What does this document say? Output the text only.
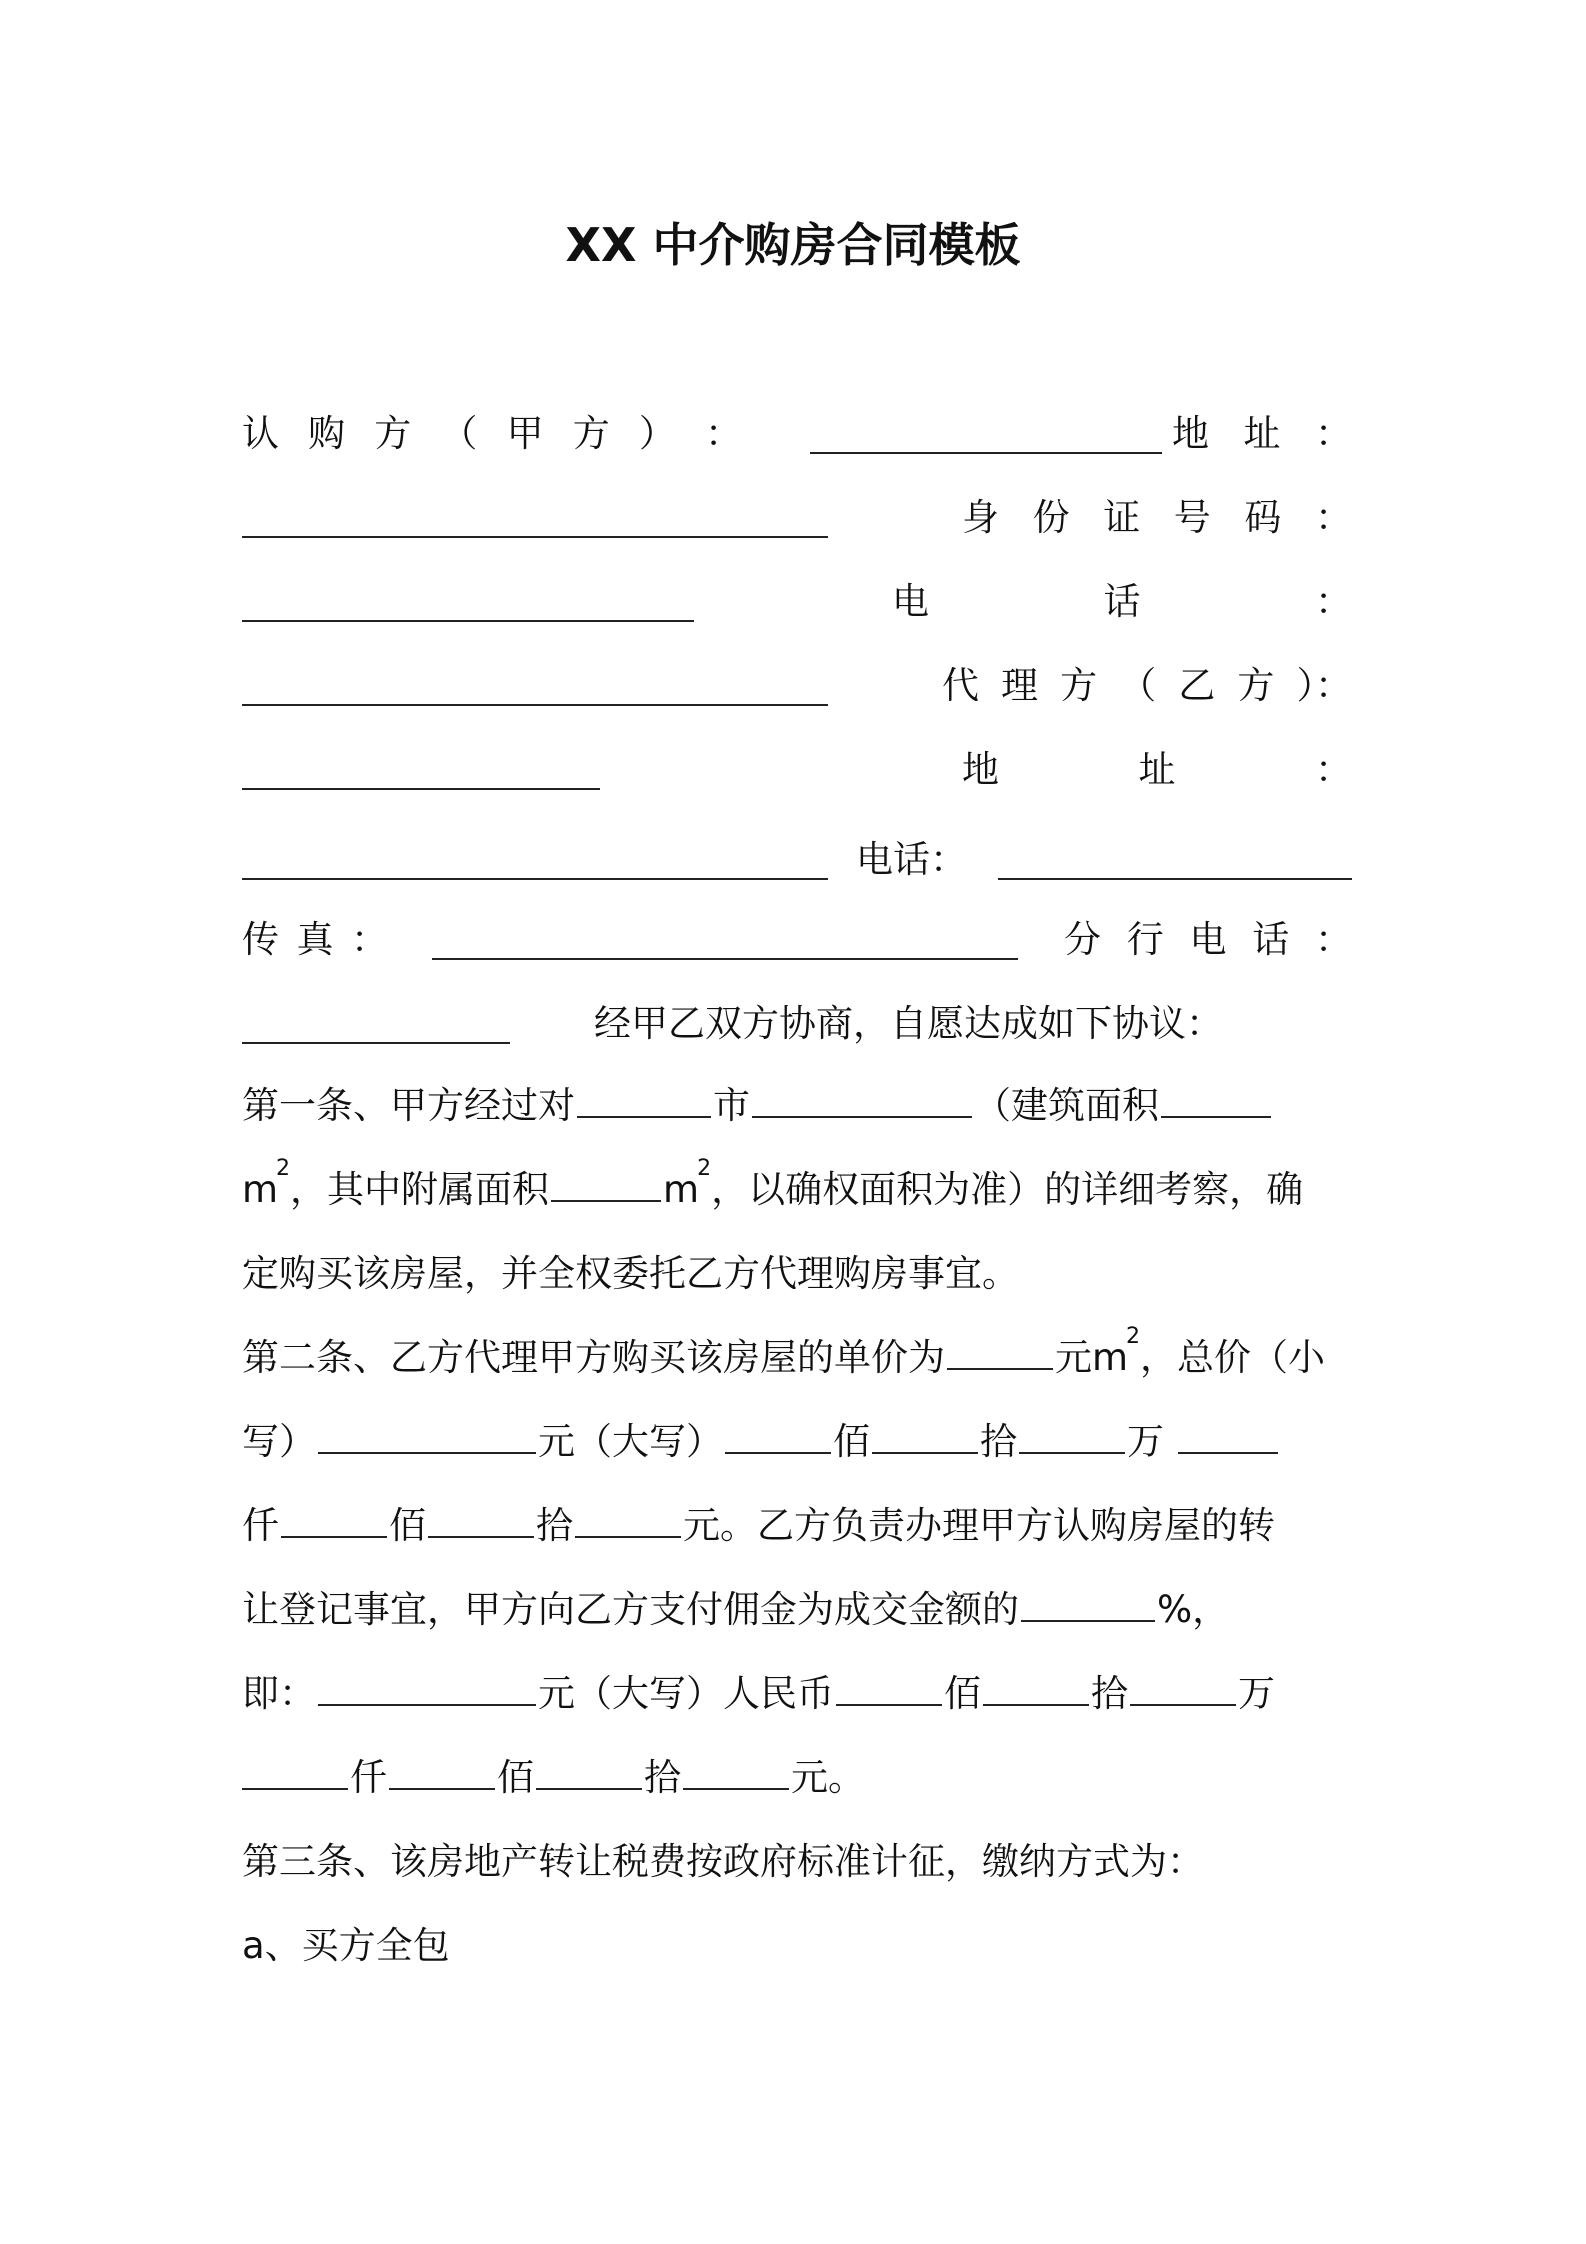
XX 中介购房合同模板
认 购 方 （ 甲 方 ） ：	地 址 ：
身 份 证 号 码 ：
电	话	：
代 理 方 （ 乙 方 ）：
地	址	：
电话：
传 真 ：	分 行 电 话 ：
经甲乙双方协商，自愿达成如下协议：
第一条、甲方经过对	市	（建筑面积
$m^2$，其中附属面积	$m^2$，以确权面积为准）的详细考察，确
定购买该房屋，并全权委托乙方代理购房事宜。
第二条、乙方代理甲方购买该房屋的单价为	元$m^2$，总价（小
写）	元（大写）	佰	拾	万
仟	佰	拾	元。乙方负责办理甲方认购房屋的转
让登记事宜，甲方向乙方支付佣金为成交金额的	%，
即：	元（大写）人民币	佰	拾	万
仟	佰	拾	元。
第三条、该房地产转让税费按政府标准计征，缴纳方式为：
a、买方全包
